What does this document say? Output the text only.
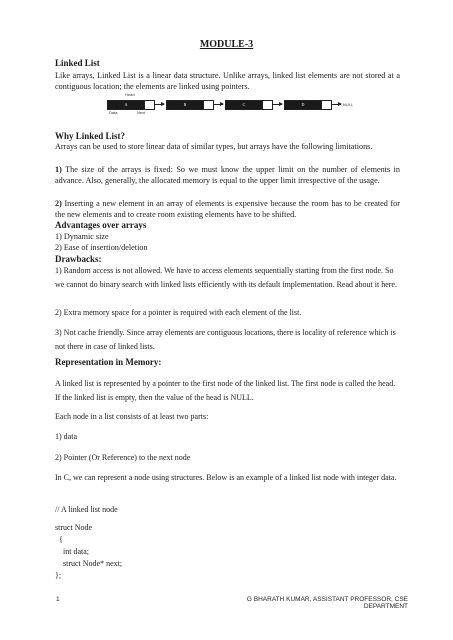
MODULE-3
Linked List
Like arrays, Linked List is a linear data structure. Unlike arrays, linked list elements are not stored at a contiguous location; the elements are linked using pointers.
Head
A	B	C	D	NULL
Data	Next
Why Linked List?
Arrays can be used to store linear data of similar types, but arrays have the following limitations.
1) The size of the arrays is fixed: So we must know the upper limit on the number of elements in advance. Also, generally, the allocated memory is equal to the upper limit irrespective of the usage.
2) Inserting a new element in an array of elements is expensive because the room has to be created for the new elements and to create room existing elements have to be shifted.
Advantages over arrays
1) Dynamic size
2) Ease of insertion/deletion
Drawbacks:
1) Random access is not allowed. We have to access elements sequentially starting from the first node. So we cannot do binary search with linked lists efficiently with its default implementation. Read about it here.
2) Extra memory space for a pointer is required with each element of the list.
3) Not cache friendly. Since array elements are contiguous locations, there is locality of reference which is not there in case of linked lists.
Representation in Memory:
A linked list is represented by a pointer to the first node of the linked list. The first node is called the head. If the linked list is empty, then the value of the head is NULL.
Each node in a list consists of at least two parts:
1) data
2) Pointer (Or Reference) to the next node
In C, we can represent a node using structures. Below is an example of a linked list node with integer data.
// A linked list node
struct Node
{
int data;
struct Node* next;
};
1	G BHARATH KUMAR, ASSISTANT PROFESSOR, CSE DEPARTMENT
